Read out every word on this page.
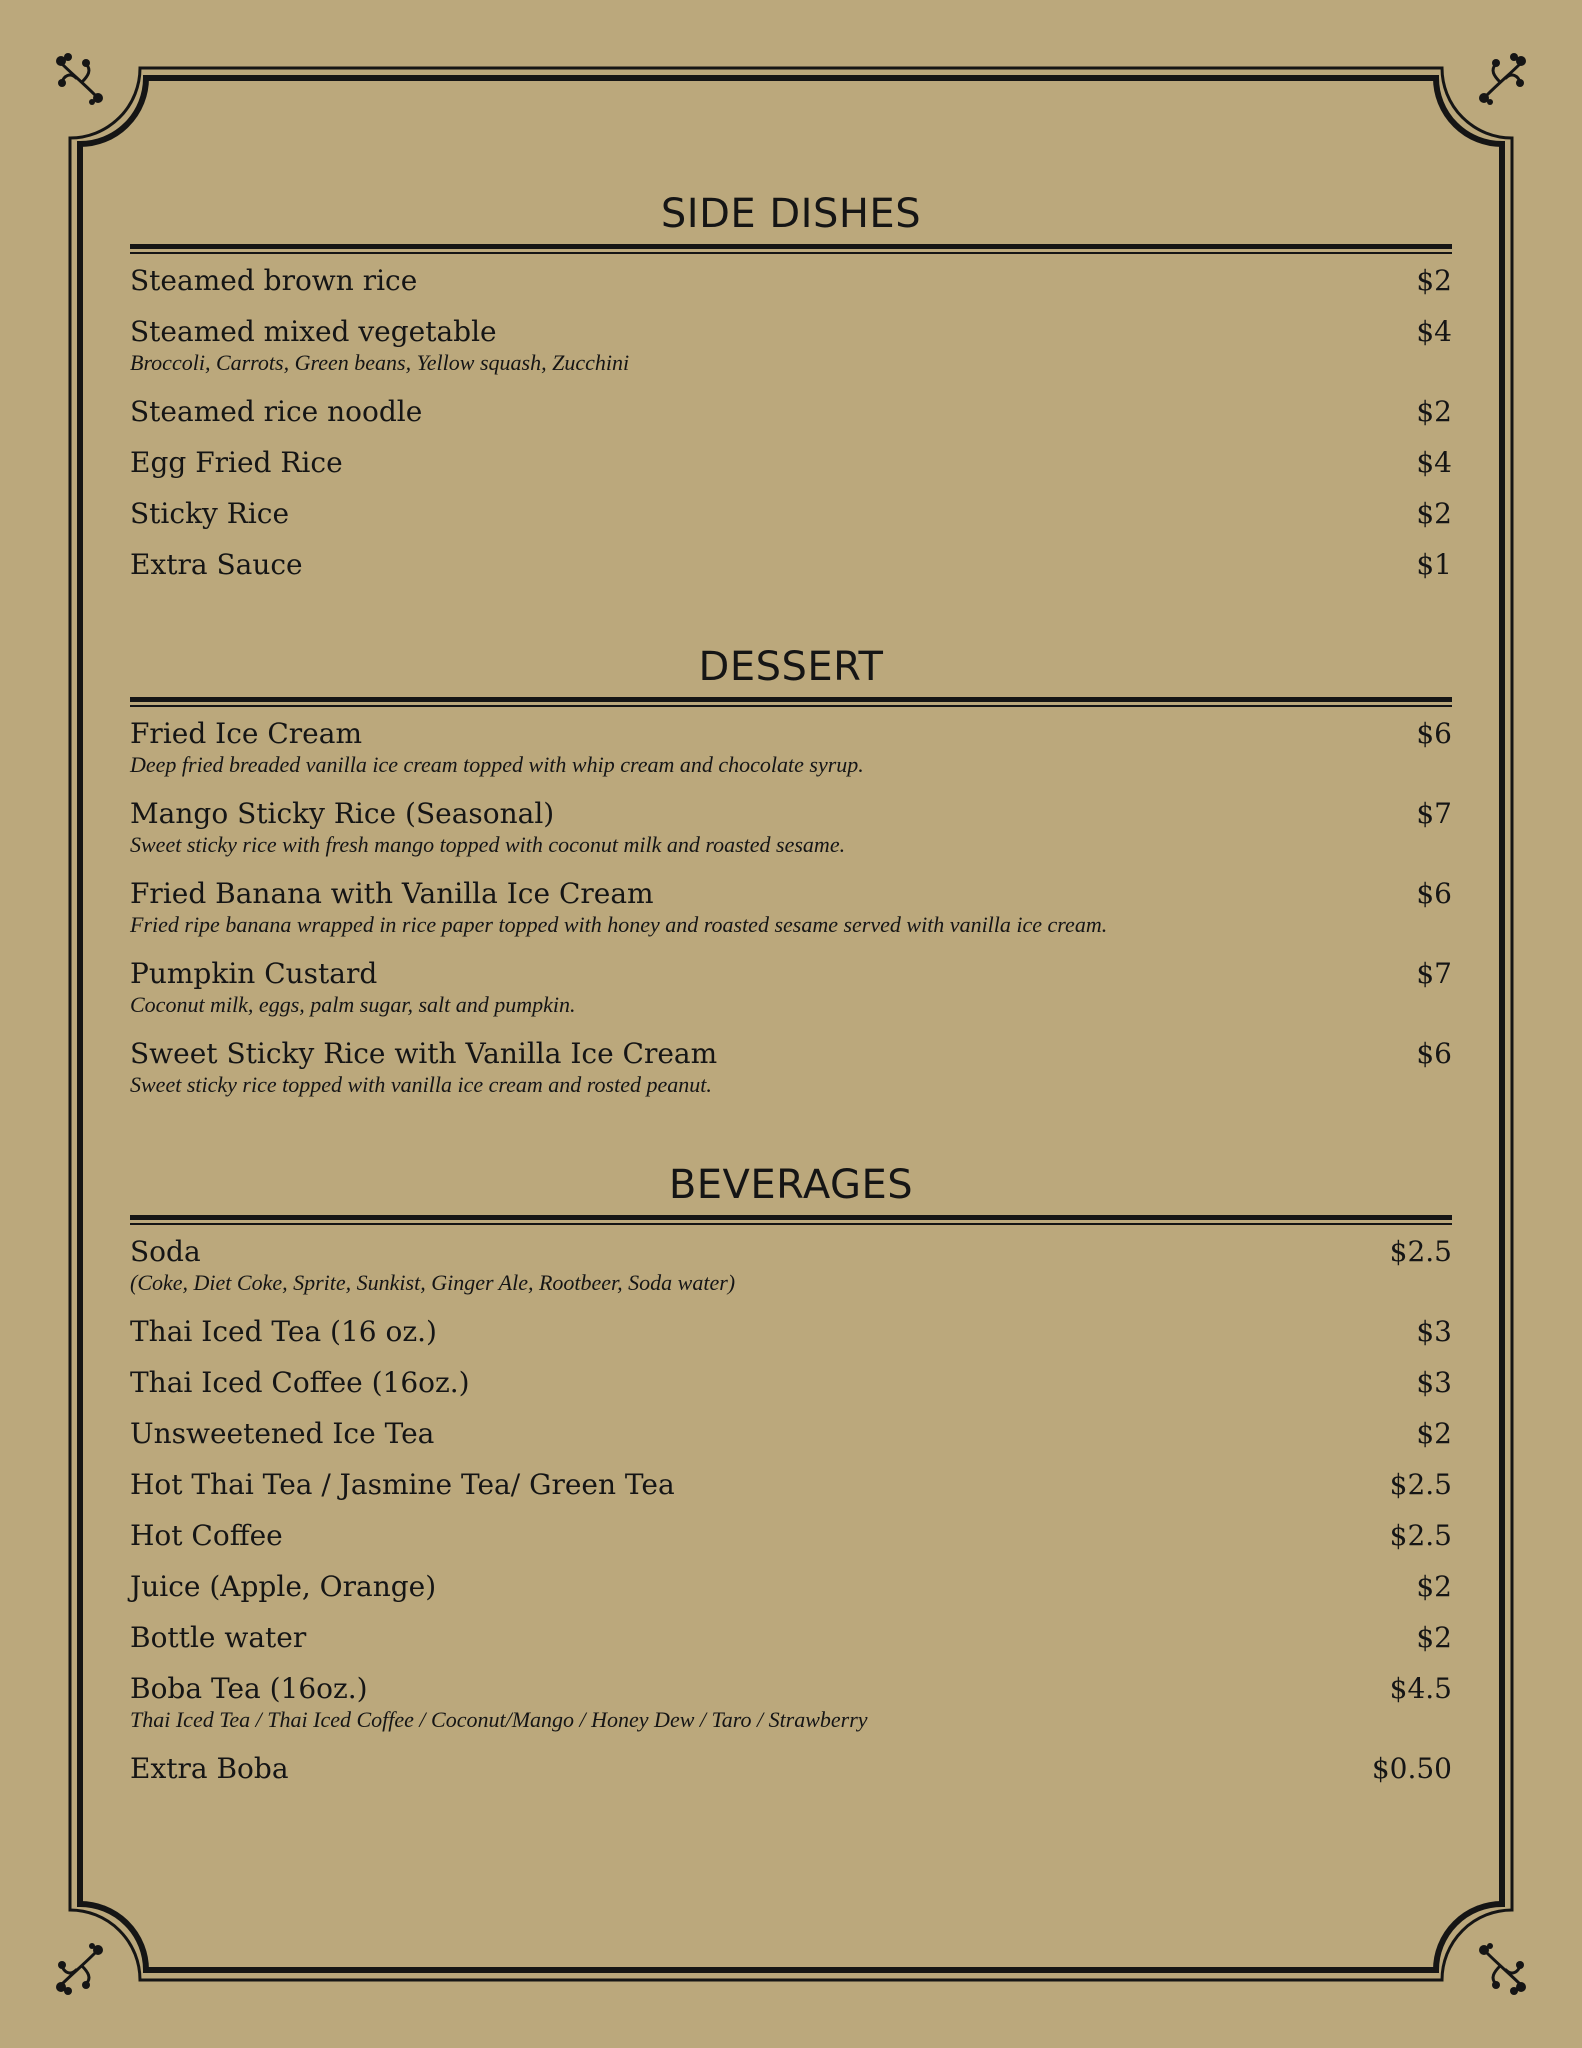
SIDE DISHES
Steamed brown rice	$2
Steamed mixed vegetable	$4
Broccoli, Carrots, Green beans, Yellow squash, Zucchini
Steamed rice noodle	$2
Egg Fried Rice	$4
Sticky Rice	$2
Extra Sauce	$1
DESSERT
Fried Ice Cream	$6
Deep fried breaded vanilla ice cream topped with whip cream and chocolate syrup.
Mango Sticky Rice (Seasonal)	$7
Sweet sticky rice with fresh mango topped with coconut milk and roasted sesame.
Fried Banana with Vanilla Ice Cream	$6
Fried ripe banana wrapped in rice paper topped with honey and roasted sesame served with vanilla ice cream.
Pumpkin Custard	$7
Coconut milk, eggs, palm sugar, salt and pumpkin.
Sweet Sticky Rice with Vanilla Ice Cream	$6
Sweet sticky rice topped with vanilla ice cream and rosted peanut.
BEVERAGES
Soda	$2.5
(Coke, Diet Coke, Sprite, Sunkist, Ginger Ale, Rootbeer, Soda water)
Thai Iced Tea (16 oz.)	$3
Thai Iced Coffee (16oz.)	$3
Unsweetened Ice Tea	$2
Hot Thai Tea / Jasmine Tea/ Green Tea	$2.5
Hot Coffee	$2.5
Juice (Apple, Orange)	$2
Bottle water	$2
Boba Tea (16oz.)	$4.5
Thai Iced Tea / Thai Iced Coffee / Coconut/Mango / Honey Dew / Taro / Strawberry
Extra Boba	$0.50
